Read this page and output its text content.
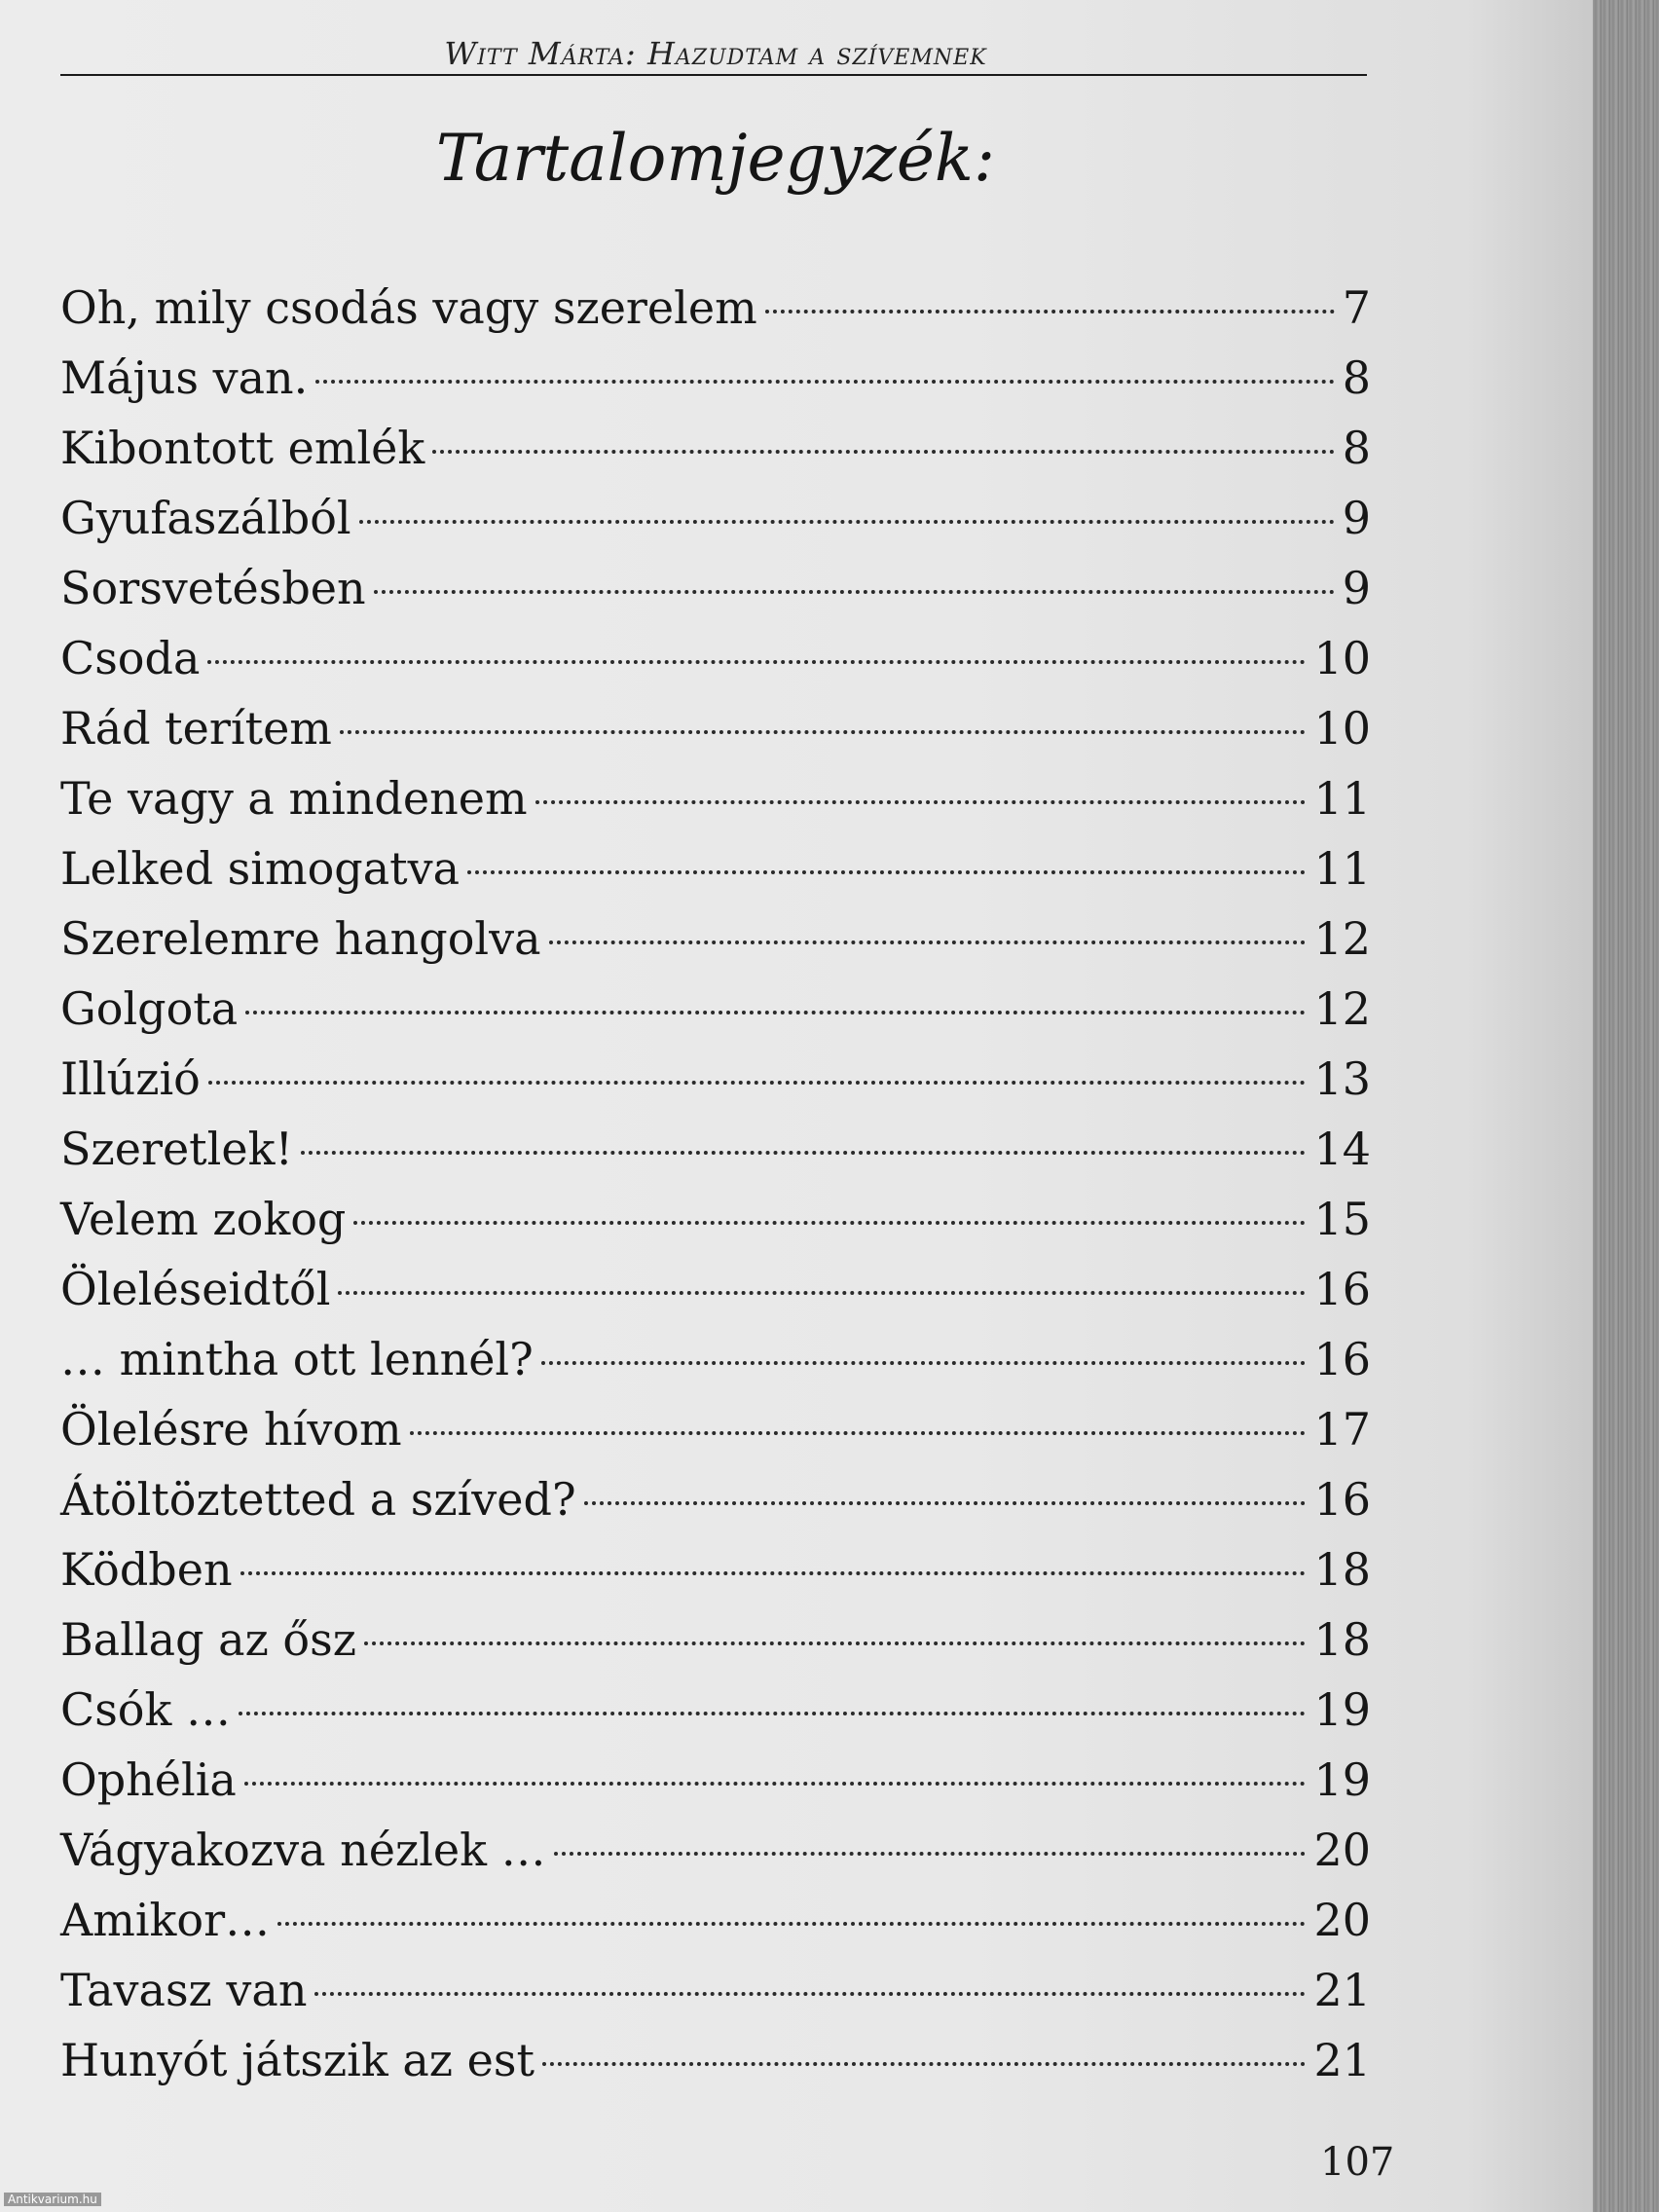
Witt Márta: Hazudtam a szívemnek
Tartalomjegyzék:
Oh, mily csodás vagy szerelem	7
Május van.	8
Kibontott emlék	8
Gyufaszálból	9
Sorsvetésben	9
Csoda	10
Rád terítem	10
Te vagy a mindenem	11
Lelked simogatva	11
Szerelemre hangolva	12
Golgota	12
Illúzió	13
Szeretlek!	14
Velem zokog	15
Öleléseidtől	16
… mintha ott lennél?	16
Ölelésre hívom	17
Átöltöztetted a szíved?	16
Ködben	18
Ballag az ősz	18
Csók …	19
Ophélia	19
Vágyakozva nézlek …	20
Amikor…	20
Tavasz van	21
Hunyót játszik az est	21
107
Antikvarium.hu
